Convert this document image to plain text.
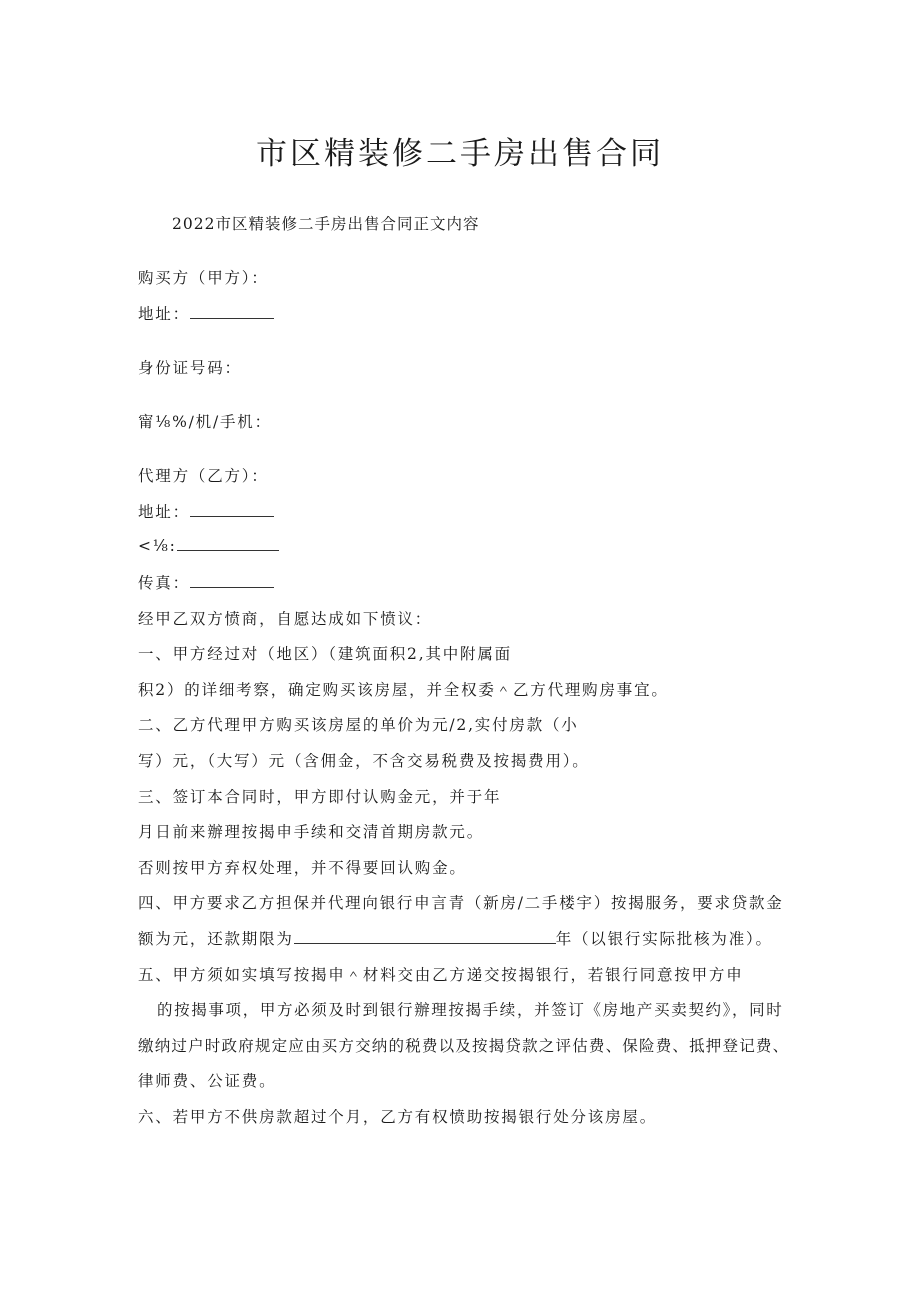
市区精装修二手房出售合同
2022市区精装修二手房出售合同正文内容
购买方（甲方）：
地址：
身份证号码：
甯⅛%∕机/手机：
代理方（乙方）：
地址：
<⅛:
传真：
经甲乙双方愤商，自愿达成如下愤议：
一、甲方经过对（地区）（建筑面积2,其中附属面
积2）的详细考察，确定购买该房屋，并全权委＾乙方代理购房事宜。
二、乙方代理甲方购买该房屋的单价为元/2,实付房款（小
写）元，（大写）元（含佣金，不含交易税费及按揭费用）。
三、签订本合同时，甲方即付认购金元，并于年
月日前来辦理按揭申手续和交清首期房款元。
否则按甲方弃权处理，并不得要回认购金。
四、甲方要求乙方担保并代理向银行申言青（新房/二手楼宇）按揭服务，要求贷款金
额为元，还款期限为	年（以银行实际批核为准）。
五、甲方须如实填写按揭申＾材料交由乙方递交按揭银行，若银行同意按甲方申
的按揭事项，甲方必须及时到银行辦理按揭手续，并签订《房地产买卖契约》，同时
缴纳过户时政府规定应由买方交纳的税费以及按揭贷款之评估费、保险费、抵押登记费、
律师费、公证费。
六、若甲方不供房款超过个月，乙方有权愤助按揭银行处分该房屋。
